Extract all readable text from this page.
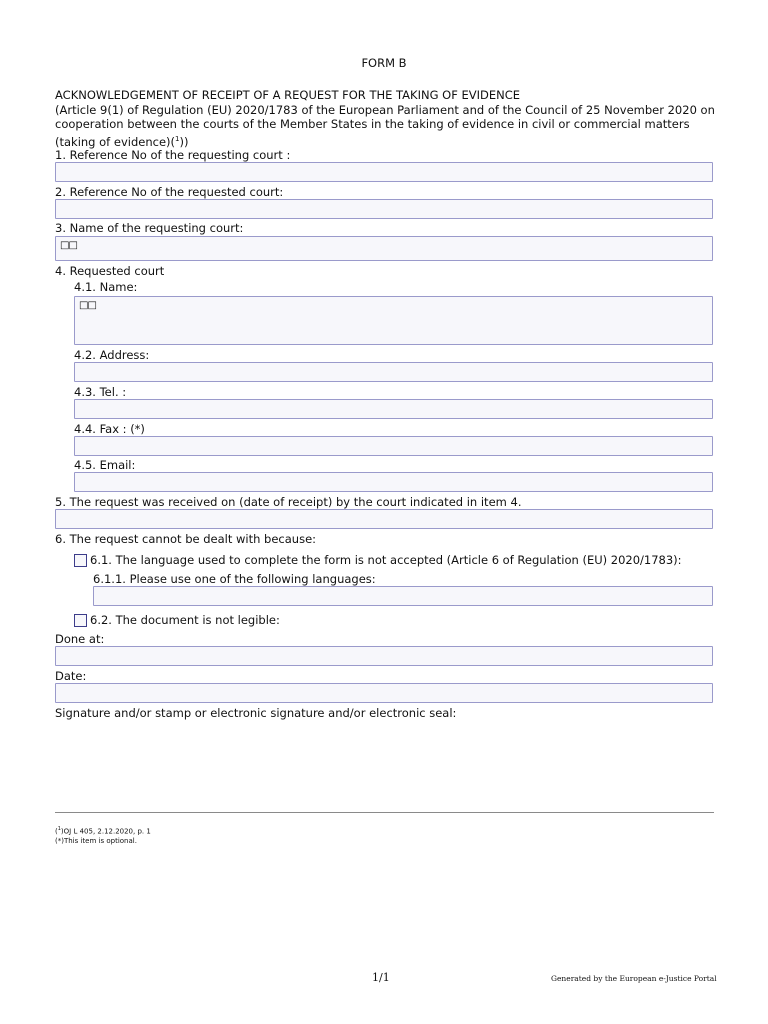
FORM B
ACKNOWLEDGEMENT OF RECEIPT OF A REQUEST FOR THE TAKING OF EVIDENCE
(Article 9(1) of Regulation (EU) 2020/1783 of the European Parliament and of the Council of 25 November 2020 on cooperation between the courts of the Member States in the taking of evidence in civil or commercial matters (taking of evidence)($^1$))
1. Reference No of the requesting court :
2. Reference No of the requested court:
3. Name of the requesting court:
□□
4. Requested court
4.1. Name:
□□
4.2. Address:
4.3. Tel. :
4.4. Fax : (*)
4.5. Email:
5. The request was received on (date of receipt) by the court indicated in item 4.
6. The request cannot be dealt with because:
6.1. The language used to complete the form is not accepted (Article 6 of Regulation (EU) 2020/1783):
6.1.1. Please use one of the following languages:
6.2. The document is not legible:
Done at:
Date:
Signature and/or stamp or electronic signature and/or electronic seal:
($^1$)OJ L 405, 2.12.2020, p. 1
(*)This item is optional.
1/1	Generated by the European e-Justice Portal
